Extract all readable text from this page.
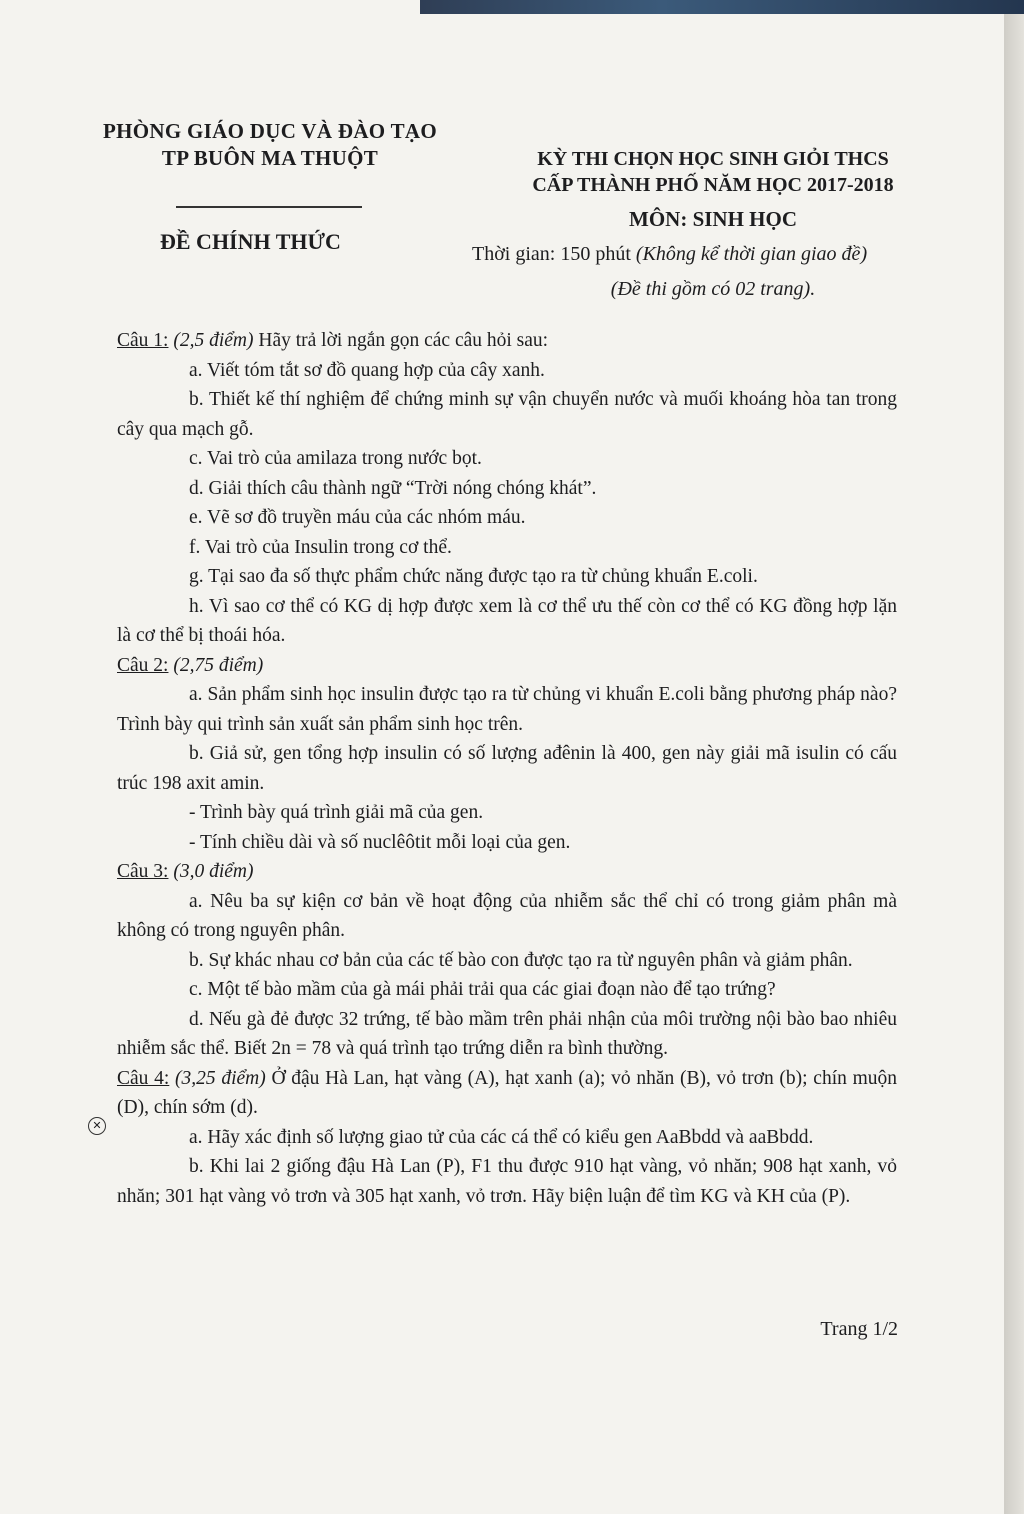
PHÒNG GIÁO DỤC VÀ ĐÀO TẠO
TP BUÔN MA THUỘT
ĐỀ CHÍNH THỨC
KỲ THI CHỌN HỌC SINH GIỎI THCS
CẤP THÀNH PHỐ NĂM HỌC 2017-2018
MÔN: SINH HỌC
Thời gian: 150 phút (Không kể thời gian giao đề)
(Đề thi gồm có 02 trang).

Câu 1: (2,5 điểm) Hãy trả lời ngắn gọn các câu hỏi sau:

a. Viết tóm tắt sơ đồ quang hợp của cây xanh.

b. Thiết kế thí nghiệm để chứng minh sự vận chuyển nước và muối khoáng hòa tan trong cây qua mạch gỗ.

c. Vai trò của amilaza trong nước bọt.

d. Giải thích câu thành ngữ “Trời nóng chóng khát”.

e. Vẽ sơ đồ truyền máu của các nhóm máu.

f. Vai trò của Insulin trong cơ thể.

g. Tại sao đa số thực phẩm chức năng được tạo ra từ chủng khuẩn E.coli.

h. Vì sao cơ thể có KG dị hợp được xem là cơ thể ưu thế còn cơ thể có KG đồng hợp lặn là cơ thể bị thoái hóa.

Câu 2: (2,75 điểm)

a. Sản phẩm sinh học insulin được tạo ra từ chủng vi khuẩn E.coli bằng phương pháp nào? Trình bày qui trình sản xuất sản phẩm sinh học trên.

b. Giả sử, gen tổng hợp insulin có số lượng ađênin là 400, gen này giải mã isulin có cấu trúc 198 axit amin.

- Trình bày quá trình giải mã của gen.

- Tính chiều dài và số nuclêôtit mỗi loại của gen.

Câu 3: (3,0 điểm)

a. Nêu ba sự kiện cơ bản về hoạt động của nhiễm sắc thể chỉ có trong giảm phân mà không có trong nguyên phân.

b. Sự khác nhau cơ bản của các tế bào con được tạo ra từ nguyên phân và giảm phân.

c. Một tế bào mầm của gà mái phải trải qua các giai đoạn nào để tạo trứng?

d. Nếu gà đẻ được 32 trứng, tế bào mầm trên phải nhận của môi trường nội bào bao nhiêu nhiễm sắc thể. Biết 2n = 78 và quá trình tạo trứng diễn ra bình thường.

Câu 4: (3,25 điểm) Ở đậu Hà Lan, hạt vàng (A), hạt xanh (a); vỏ nhăn (B), vỏ trơn (b); chín muộn (D), chín sớm (d).

a. Hãy xác định số lượng giao tử của các cá thể có kiểu gen AaBbdd và aaBbdd.

b. Khi lai 2 giống đậu Hà Lan (P), F1 thu được 910 hạt vàng, vỏ nhăn; 908 hạt xanh, vỏ nhăn; 301 hạt vàng vỏ trơn và 305 hạt xanh, vỏ trơn. Hãy biện luận để tìm KG và KH của (P).

✕
Trang 1/2
